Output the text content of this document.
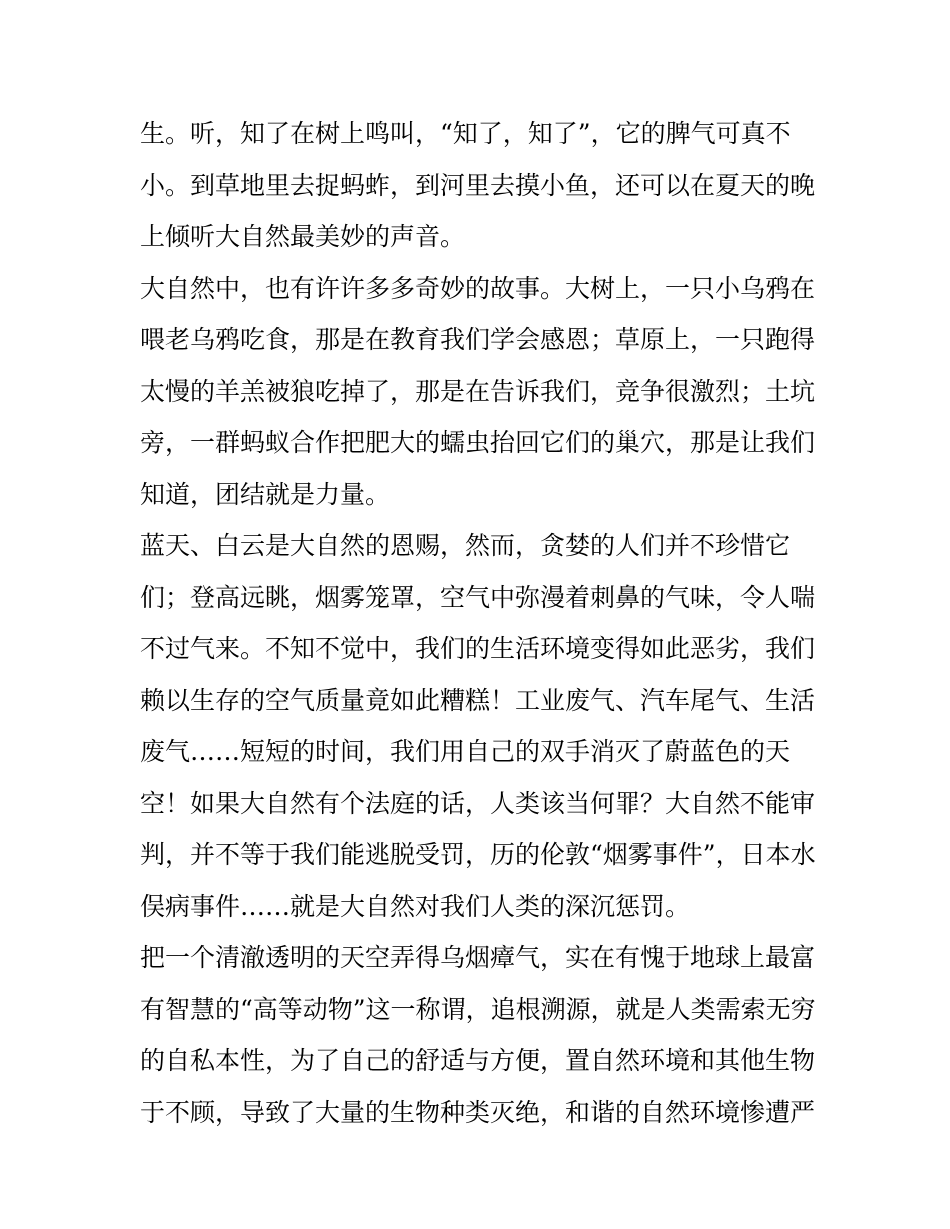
生。听，知了在树上鸣叫，“知了，知了”，它的脾气可真不
小。到草地里去捉蚂蚱，到河里去摸小鱼，还可以在夏天的晚
上倾听大自然最美妙的声音。
大自然中，也有许许多多奇妙的故事。大树上，一只小乌鸦在
喂老乌鸦吃食，那是在教育我们学会感恩；草原上，一只跑得
太慢的羊羔被狼吃掉了，那是在告诉我们，竞争很激烈；土坑
旁，一群蚂蚁合作把肥大的蠕虫抬回它们的巢穴，那是让我们
知道，团结就是力量。
蓝天、白云是大自然的恩赐，然而，贪婪的人们并不珍惜它
们；登高远眺，烟雾笼罩，空气中弥漫着刺鼻的气味，令人喘
不过气来。不知不觉中，我们的生活环境变得如此恶劣，我们
赖以生存的空气质量竟如此糟糕！工业废气、汽车尾气、生活
废气……短短的时间，我们用自己的双手消灭了蔚蓝色的天
空！如果大自然有个法庭的话，人类该当何罪？大自然不能审
判，并不等于我们能逃脱受罚，历的伦敦“烟雾事件”，日本水
俣病事件……就是大自然对我们人类的深沉惩罚。
把一个清澈透明的天空弄得乌烟瘴气，实在有愧于地球上最富
有智慧的“高等动物”这一称谓，追根溯源，就是人类需索无穷
的自私本性，为了自己的舒适与方便，置自然环境和其他生物
于不顾，导致了大量的生物种类灭绝，和谐的自然环境惨遭严
